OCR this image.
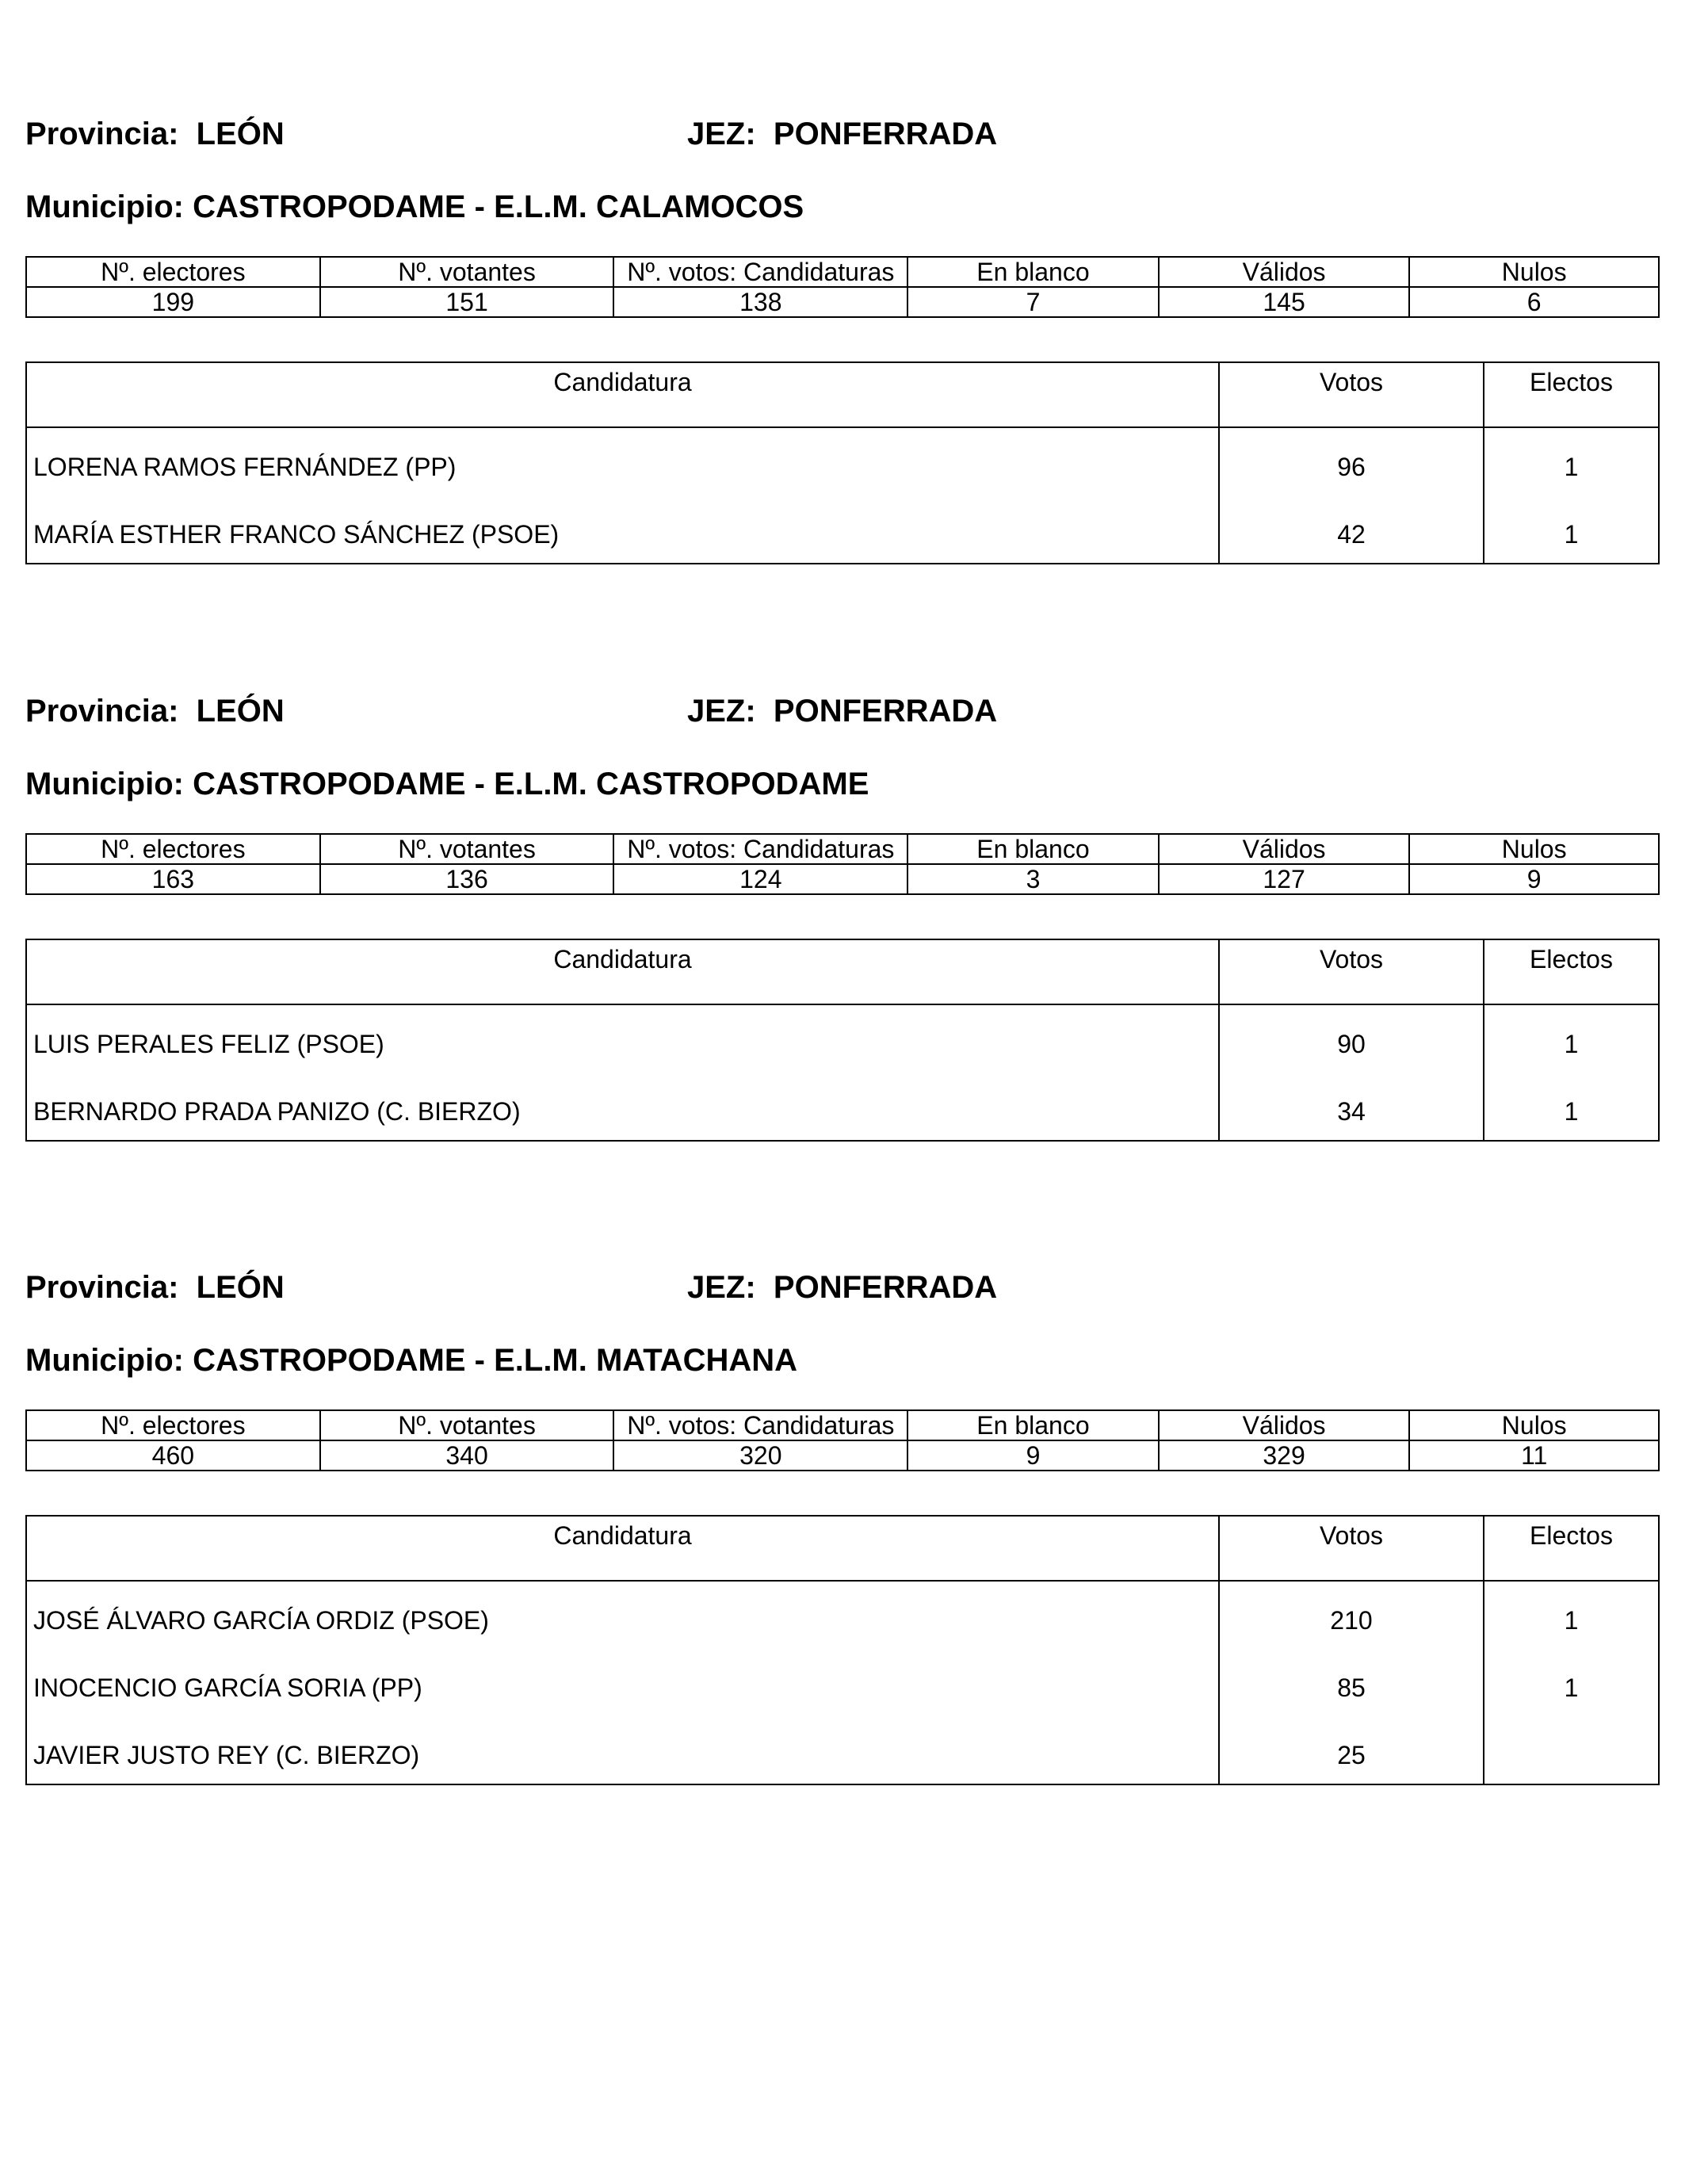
Provincia: LEÓN	JEZ: PONFERRADA
Municipio: CASTROPODAME - E.L.M. CALAMOCOS
Nº. electores	Nº. votantes	Nº. votos: Candidaturas	En blanco	Válidos	Nulos
199	151	138	7	145	6
Candidatura	Votos	Electos
LORENA RAMOS FERNÁNDEZ (PP)	96	1
MARÍA ESTHER FRANCO SÁNCHEZ (PSOE)	42	1
Provincia: LEÓN	JEZ: PONFERRADA
Municipio: CASTROPODAME - E.L.M. CASTROPODAME
Nº. electores	Nº. votantes	Nº. votos: Candidaturas	En blanco	Válidos	Nulos
163	136	124	3	127	9
Candidatura	Votos	Electos
LUIS PERALES FELIZ (PSOE)	90	1
BERNARDO PRADA PANIZO (C. BIERZO)	34	1
Provincia: LEÓN	JEZ: PONFERRADA
Municipio: CASTROPODAME - E.L.M. MATACHANA
Nº. electores	Nº. votantes	Nº. votos: Candidaturas	En blanco	Válidos	Nulos
460	340	320	9	329	11
Candidatura	Votos	Electos
JOSÉ ÁLVARO GARCÍA ORDIZ (PSOE)	210	1
INOCENCIO GARCÍA SORIA (PP)	85	1
JAVIER JUSTO REY (C. BIERZO)	25
